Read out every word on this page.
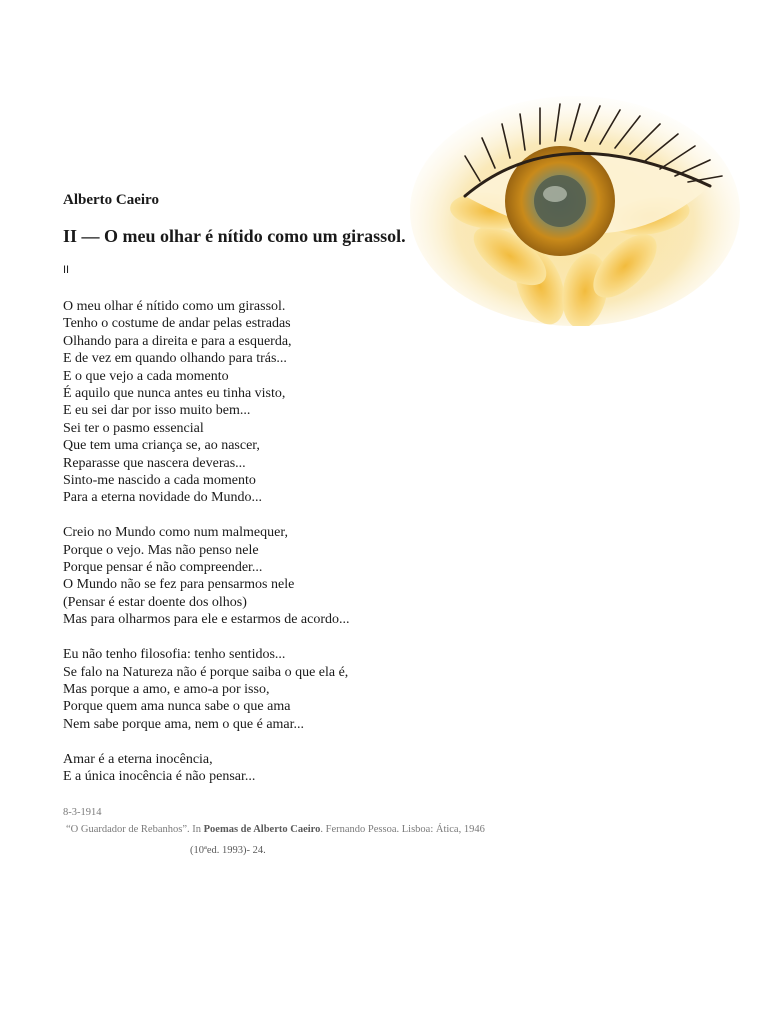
Alberto Caeiro
II — O meu olhar é nítido como um girassol.

II

O meu olhar é nítido como um girassol.
Tenho o costume de andar pelas estradas
Olhando para a direita e para a esquerda,
E de vez em quando olhando para trás...
E o que vejo a cada momento
É aquilo que nunca antes eu tinha visto,
E eu sei dar por isso muito bem...
Sei ter o pasmo essencial
Que tem uma criança se, ao nascer,
Reparasse que nascera deveras...
Sinto-me nascido a cada momento
Para a eterna novidade do Mundo...
Creio no Mundo como num malmequer,
Porque o vejo. Mas não penso nele
Porque pensar é não compreender...
O Mundo não se fez para pensarmos nele
(Pensar é estar doente dos olhos)
Mas para olharmos para ele e estarmos de acordo...
Eu não tenho filosofia: tenho sentidos...
Se falo na Natureza não é porque saiba o que ela é,
Mas porque a amo, e amo-a por isso,
Porque quem ama nunca sabe o que ama
Nem sabe porque ama, nem o que é amar...
Amar é a eterna inocência,
E a única inocência é não pensar...

8-3-1914

“O Guardador de Rebanhos”. In Poemas de Alberto Caeiro. Fernando Pessoa. Lisboa: Ática, 1946

(10ªed. 1993)- 24.
